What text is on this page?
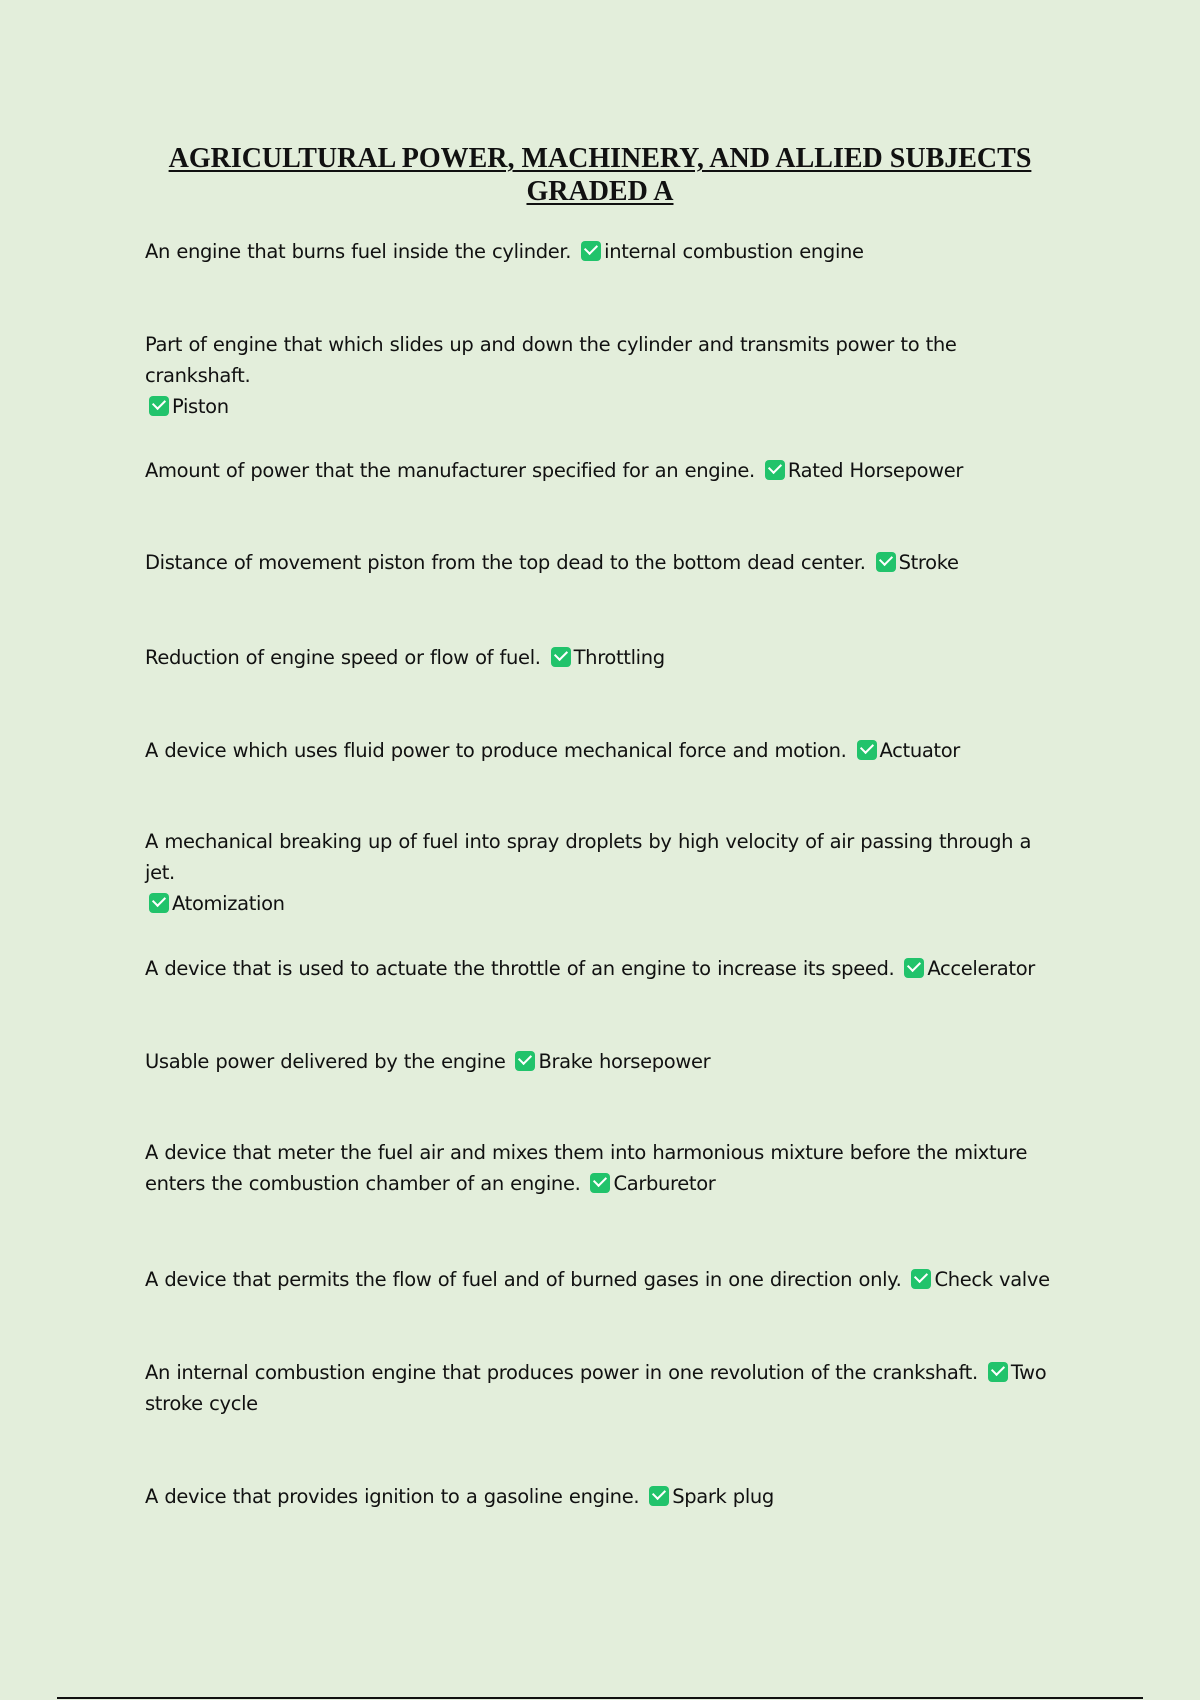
AGRICULTURAL POWER, MACHINERY, AND ALLIED SUBJECTS
GRADED A
An engine that burns fuel inside the cylinder. internal combustion engine
Part of engine that which slides up and down the cylinder and transmits power to the crankshaft.
Piston
Amount of power that the manufacturer specified for an engine. Rated Horsepower
Distance of movement piston from the top dead to the bottom dead center. Stroke
Reduction of engine speed or flow of fuel. Throttling
A device which uses fluid power to produce mechanical force and motion. Actuator
A mechanical breaking up of fuel into spray droplets by high velocity of air passing through a jet.
Atomization
A device that is used to actuate the throttle of an engine to increase its speed. Accelerator
Usable power delivered by the engine Brake horsepower
A device that meter the fuel air and mixes them into harmonious mixture before the mixture enters the combustion chamber of an engine. Carburetor
A device that permits the flow of fuel and of burned gases in one direction only. Check valve
An internal combustion engine that produces power in one revolution of the crankshaft. Two stroke cycle
A device that provides ignition to a gasoline engine. Spark plug
